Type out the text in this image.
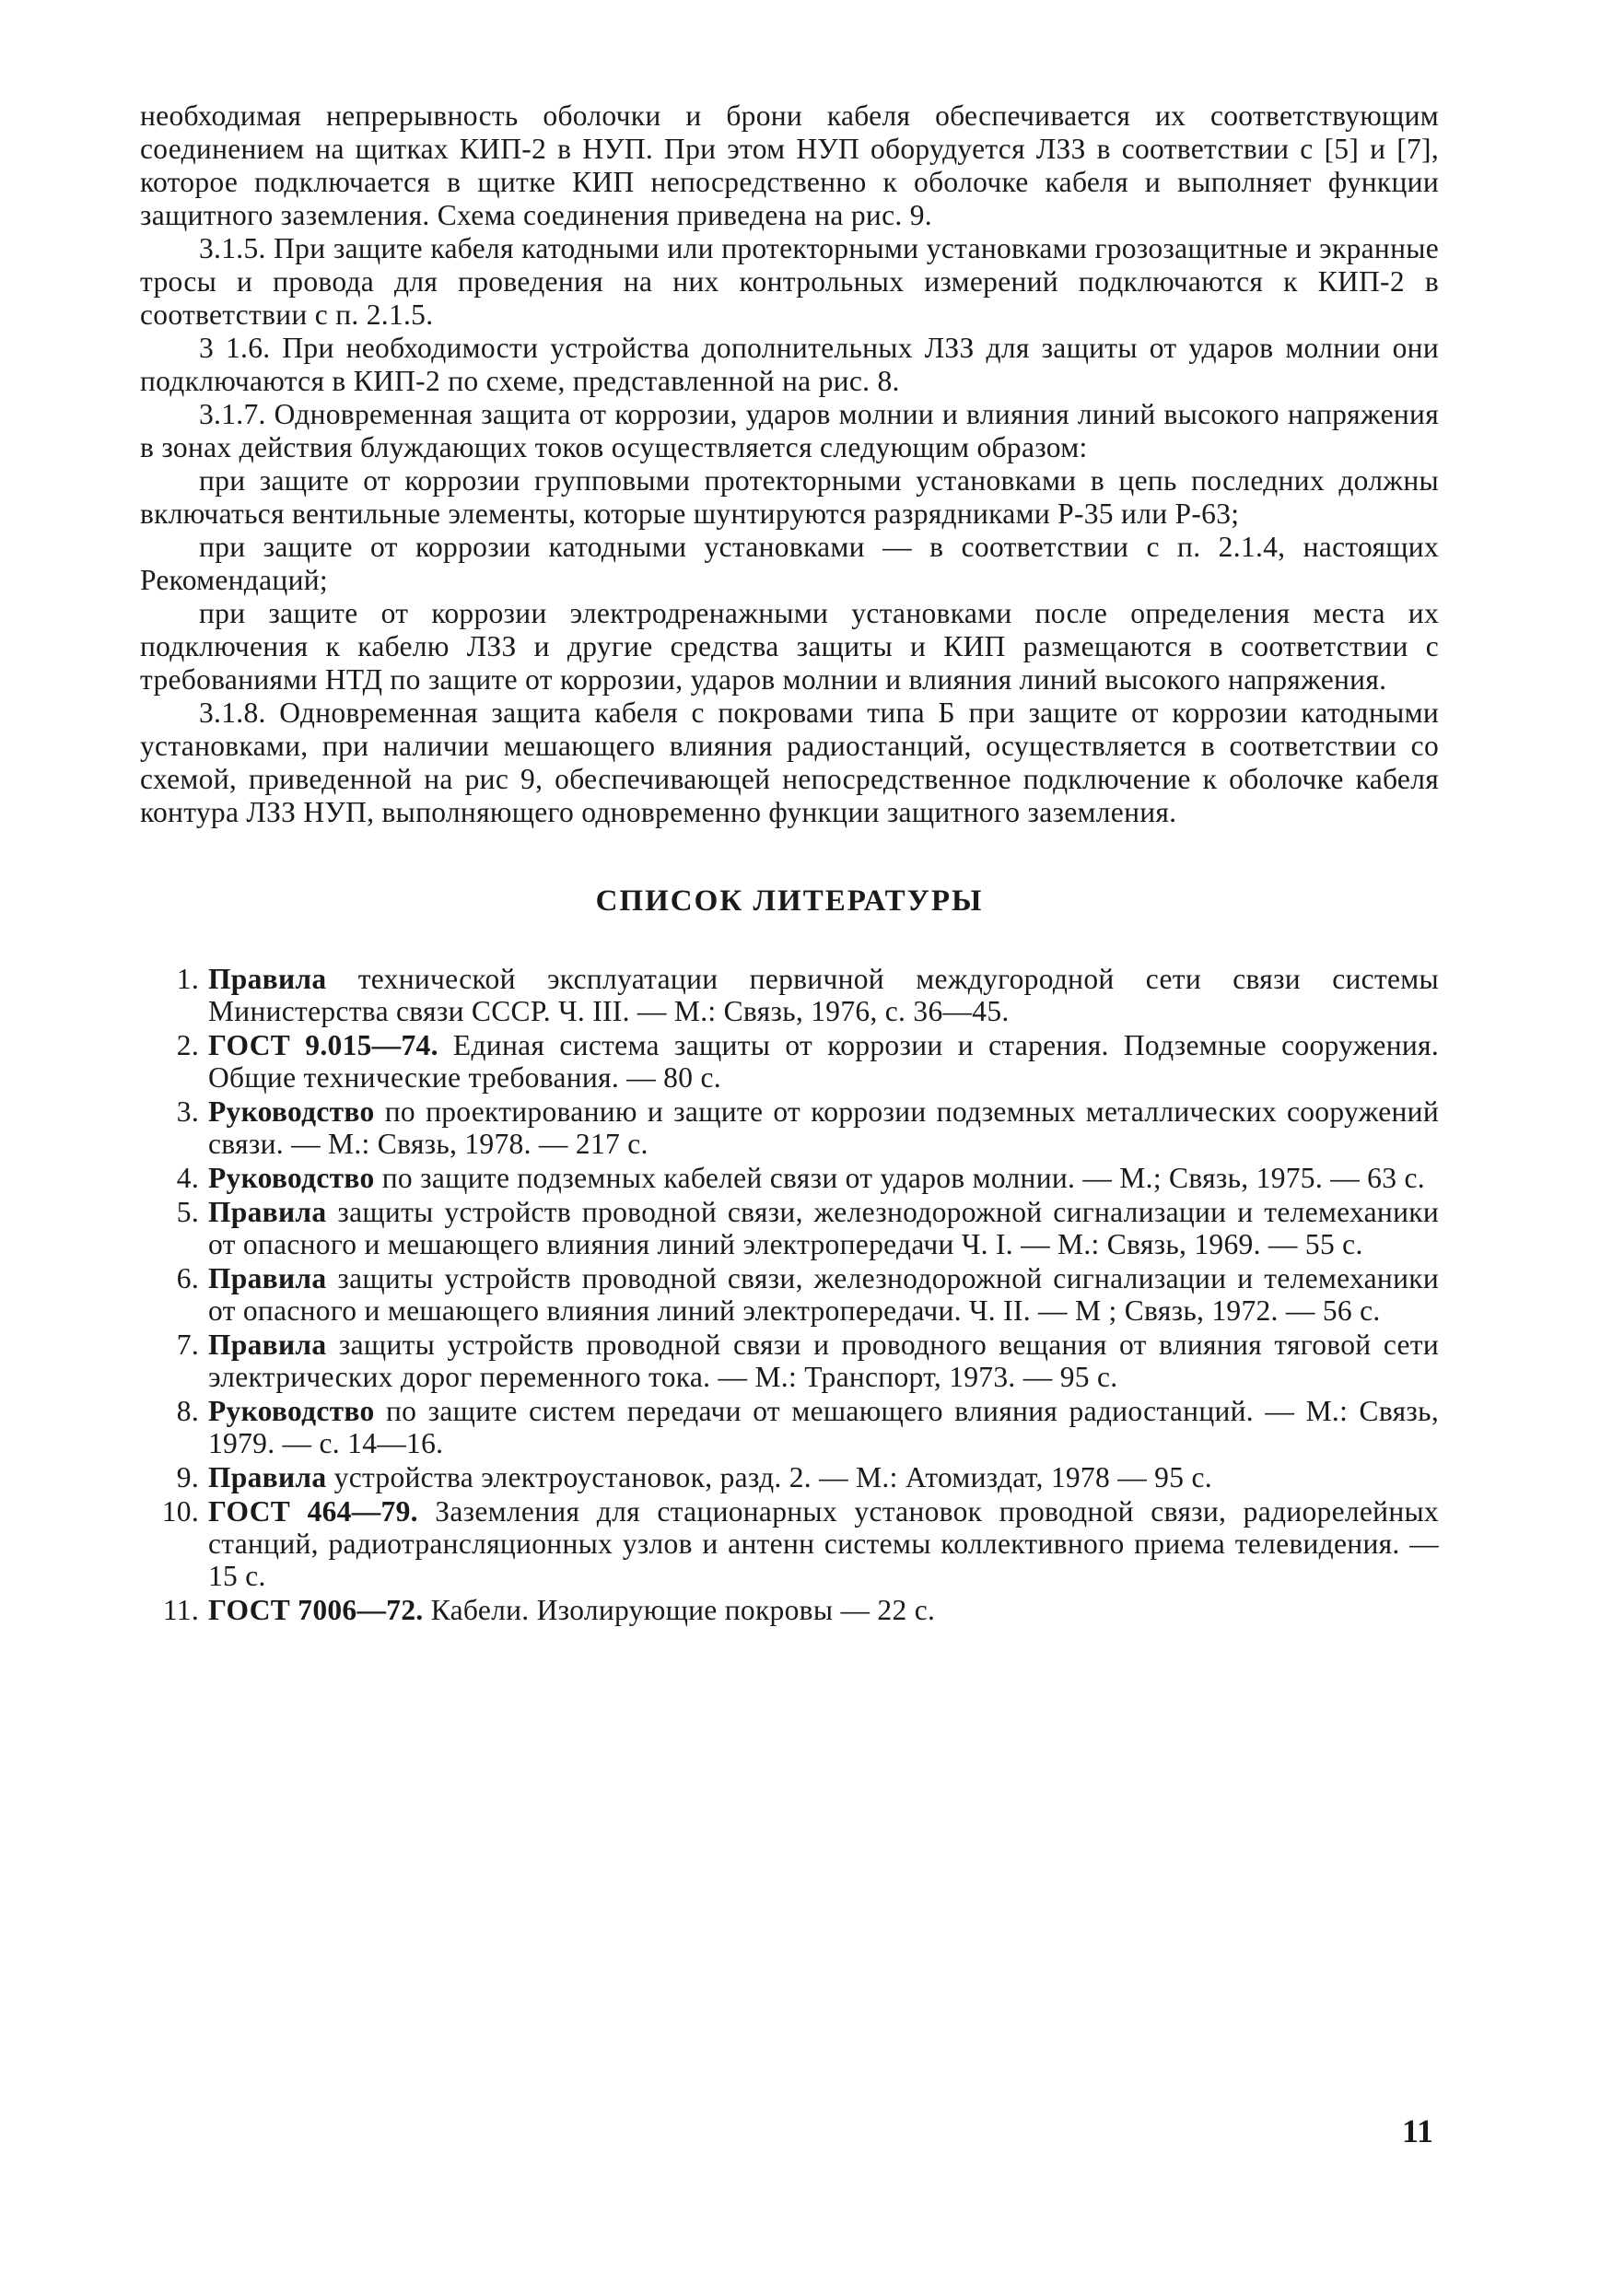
необходимая непрерывность оболочки и брони кабеля обеспечивается их соответствующим соединением на щитках КИП-2 в НУП. При этом НУП оборудуется ЛЗЗ в соответствии с [5] и [7], которое подключается в щитке КИП непосредственно к оболочке кабеля и выполняет функции защитного заземления. Схема соединения приведена на рис. 9.

3.1.5. При защите кабеля катодными или протекторными установками грозозащитные и экранные тросы и провода для проведения на них контрольных измерений подключаются к КИП-2 в соответствии с п. 2.1.5.

3 1.6. При необходимости устройства дополнительных ЛЗЗ для защиты от ударов молнии они подключаются в КИП-2 по схеме, представленной на рис. 8.

3.1.7. Одновременная защита от коррозии, ударов молнии и влияния линий высокого напряжения в зонах действия блуждающих токов осуществляется следующим образом:

при защите от коррозии групповыми протекторными установками в цепь последних должны включаться вентильные элементы, которые шунтируются разрядниками Р-35 или Р-63;

при защите от коррозии катодными установками — в соответствии с п. 2.1.4, настоящих Рекомендаций;

при защите от коррозии электродренажными установками после определения места их подключения к кабелю ЛЗЗ и другие средства защиты и КИП размещаются в соответствии с требованиями НТД по защите от коррозии, ударов молнии и влияния линий высокого напряжения.

3.1.8. Одновременная защита кабеля с покровами типа Б при защите от коррозии катодными установками, при наличии мешающего влияния радиостанций, осуществляется в соответствии со схемой, приведенной на рис 9, обеспечивающей непосредственное подключение к оболочке кабеля контура ЛЗЗ НУП, выполняющего одновременно функции защитного заземления.

СПИСОК ЛИТЕРАТУРЫ
1. Правила технической эксплуатации первичной междугородной сети связи системы Министерства связи СССР. Ч. III. — М.: Связь, 1976, с. 36—45.
2. ГОСТ 9.015—74. Единая система защиты от коррозии и старения. Подземные сооружения. Общие технические требования. — 80 с.
3. Руководство по проектированию и защите от коррозии подземных металлических сооружений связи. — М.: Связь, 1978. — 217 с.
4. Руководство по защите подземных кабелей связи от ударов молнии. — М.; Связь, 1975. — 63 с.
5. Правила защиты устройств проводной связи, железнодорожной сигнализации и телемеханики от опасного и мешающего влияния линий электропередачи Ч. I. — М.: Связь, 1969. — 55 с.
6. Правила защиты устройств проводной связи, железнодорожной сигнализации и телемеханики от опасного и мешающего влияния линий электропередачи. Ч. II. — М ; Связь, 1972. — 56 с.
7. Правила защиты устройств проводной связи и проводного вещания от влияния тяговой сети электрических дорог переменного тока. — М.: Транспорт, 1973. — 95 с.
8. Руководство по защите систем передачи от мешающего влияния радиостанций. — М.: Связь, 1979. — с. 14—16.
9. Правила устройства электроустановок, разд. 2. — М.: Атомиздат, 1978 — 95 с.
10. ГОСТ 464—79. Заземления для стационарных установок проводной связи, радиорелейных станций, радиотрансляционных узлов и антенн системы коллективного приема телевидения. — 15 с.
11. ГОСТ 7006—72. Кабели. Изолирующие покровы — 22 с.
11
